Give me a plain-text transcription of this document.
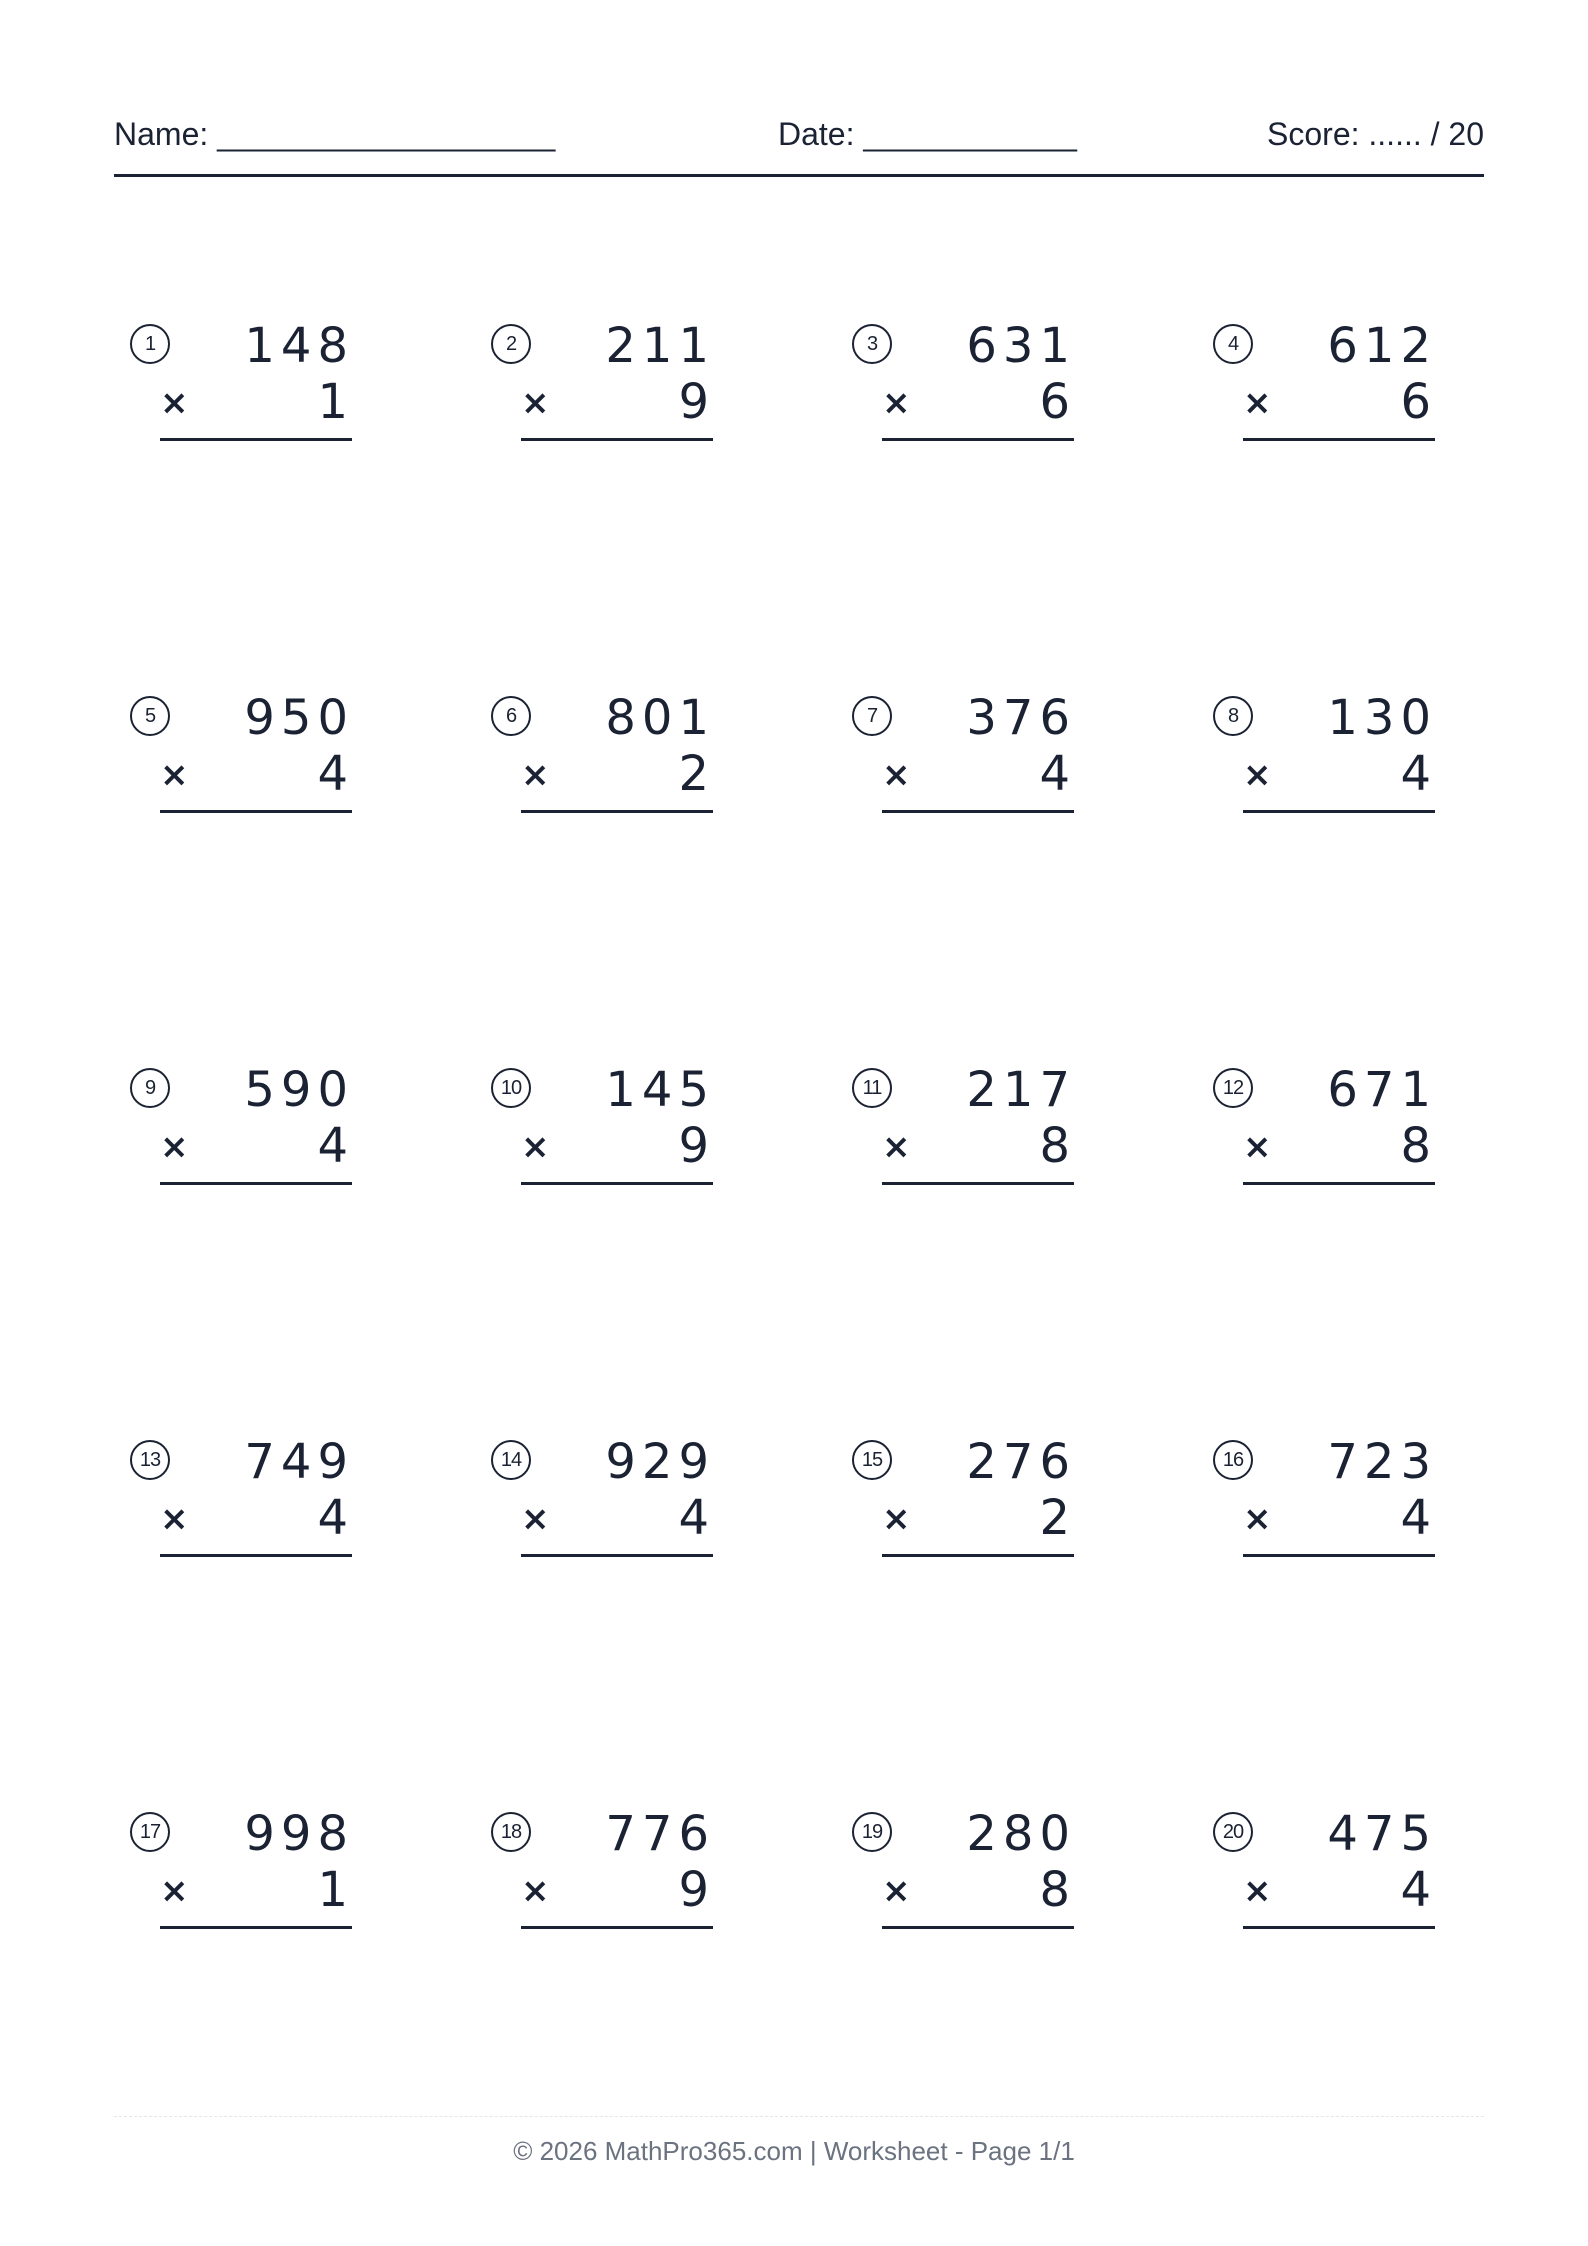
Name: ___________________	Date: ____________	Score: ...... / 20
1	148
×	1
2	211
×	9
3	631
×	6
4	612
×	6
5	950
×	4
6	801
×	2
7	376
×	4
8	130
×	4
9	590
×	4
10 145
×	9
11 217
×	8
12 671
×	8
13 749
×	4
14 929
×	4
15 276
×	2
16 723
×	4
17 998
×	1
18 776
×	9
19 280
×	8
20 475
×	4
© 2026 MathPro365.com | Worksheet - Page 1/1
